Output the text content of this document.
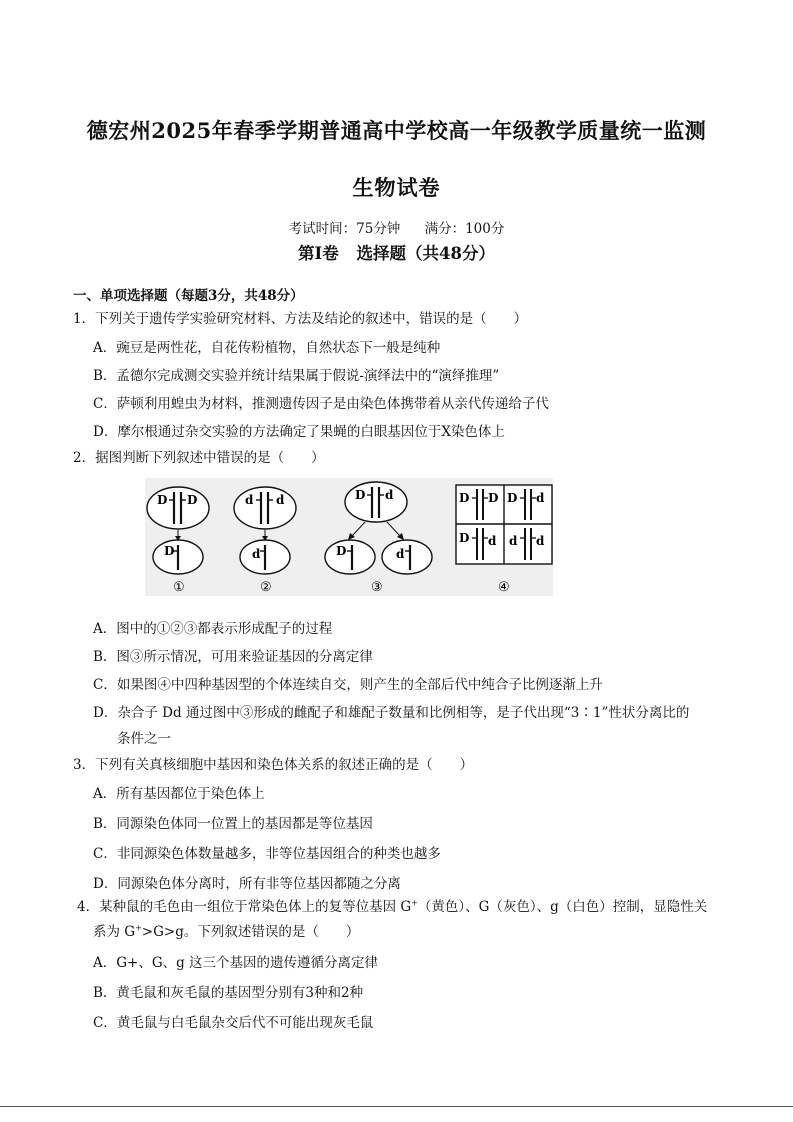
德宏州2025年春季学期普通高中学校高一年级教学质量统一监测
生物试卷
考试时间：75分钟 满分：100分
第Ⅰ卷 选择题（共48分）
一、单项选择题（每题3分，共48分）
1．下列关于遗传学实验研究材料、方法及结论的叙述中，错误的是（　　）
A．豌豆是两性花，自花传粉植物，自然状态下一般是纯种
B．孟德尔完成测交实验并统计结果属于假说-演绎法中的“演绎推理”
C．萨顿利用蝗虫为材料，推测遗传因子是由染色体携带着从亲代传递给子代
D．摩尔根通过杂交实验的方法确定了果蝇的白眼基因位于X染色体上
2．据图判断下列叙述中错误的是（　　）
D D
D
①
d d
d
②
D d
D	d
③
D D D d
D d d d
④
A．图中的①②③都表示形成配子的过程
B．图③所示情况，可用来验证基因的分离定律
C．如果图④中四种基因型的个体连续自交，则产生的全部后代中纯合子比例逐渐上升
D．杂合子 Dd 通过图中③形成的雌配子和雄配子数量和比例相等，是子代出现“3∶1”性状分离比的
条件之一
3．下列有关真核细胞中基因和染色体关系的叙述正确的是（　　）
A．所有基因都位于染色体上
B．同源染色体同一位置上的基因都是等位基因
C．非同源染色体数量越多，非等位基因组合的种类也越多
D．同源染色体分离时，所有非等位基因都随之分离
4．某种鼠的毛色由一组位于常染色体上的复等位基因 G+（黄色）、G（灰色）、g（白色）控制，显隐性关
系为 G+>G>g。下列叙述错误的是（　　）
A．G+、G、g 这三个基因的遗传遵循分离定律
B．黄毛鼠和灰毛鼠的基因型分别有3种和2种
C．黄毛鼠与白毛鼠杂交后代不可能出现灰毛鼠
